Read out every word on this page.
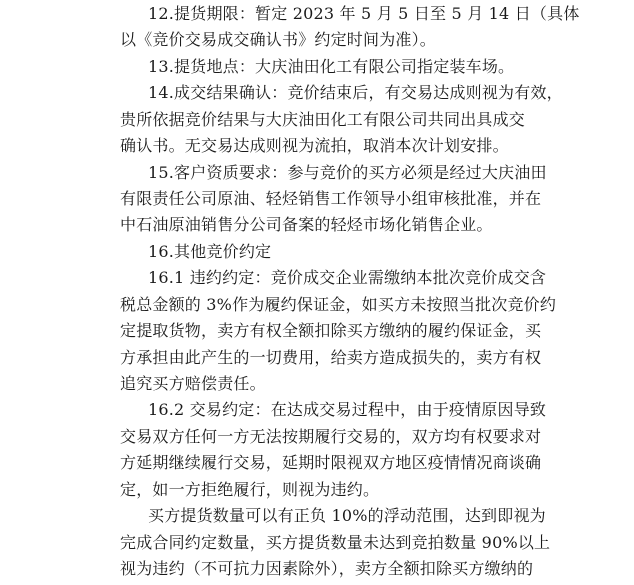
12.提货期限：暂定 2023 年 5 月 5 日至 5 月 14 日（具体
以《竞价交易成交确认书》约定时间为准）。
13.提货地点：大庆油田化工有限公司指定装车场。
14.成交结果确认：竞价结束后，有交易达成则视为有效，
贵所依据竞价结果与大庆油田化工有限公司共同出具成交
确认书。无交易达成则视为流拍，取消本次计划安排。
15.客户资质要求：参与竞价的买方必须是经过大庆油田
有限责任公司原油、轻烃销售工作领导小组审核批准，并在
中石油原油销售分公司备案的轻烃市场化销售企业。
16.其他竞价约定
16.1 违约约定：竞价成交企业需缴纳本批次竞价成交含
税总金额的 3%作为履约保证金，如买方未按照当批次竞价约
定提取货物，卖方有权全额扣除买方缴纳的履约保证金，买
方承担由此产生的一切费用，给卖方造成损失的，卖方有权
追究买方赔偿责任。
16.2 交易约定：在达成交易过程中，由于疫情原因导致
交易双方任何一方无法按期履行交易的，双方均有权要求对
方延期继续履行交易，延期时限视双方地区疫情情况商谈确
定，如一方拒绝履行，则视为违约。
买方提货数量可以有正负 10%的浮动范围，达到即视为
完成合同约定数量，买方提货数量未达到竞拍数量 90%以上
视为违约（不可抗力因素除外），卖方全额扣除买方缴纳的
